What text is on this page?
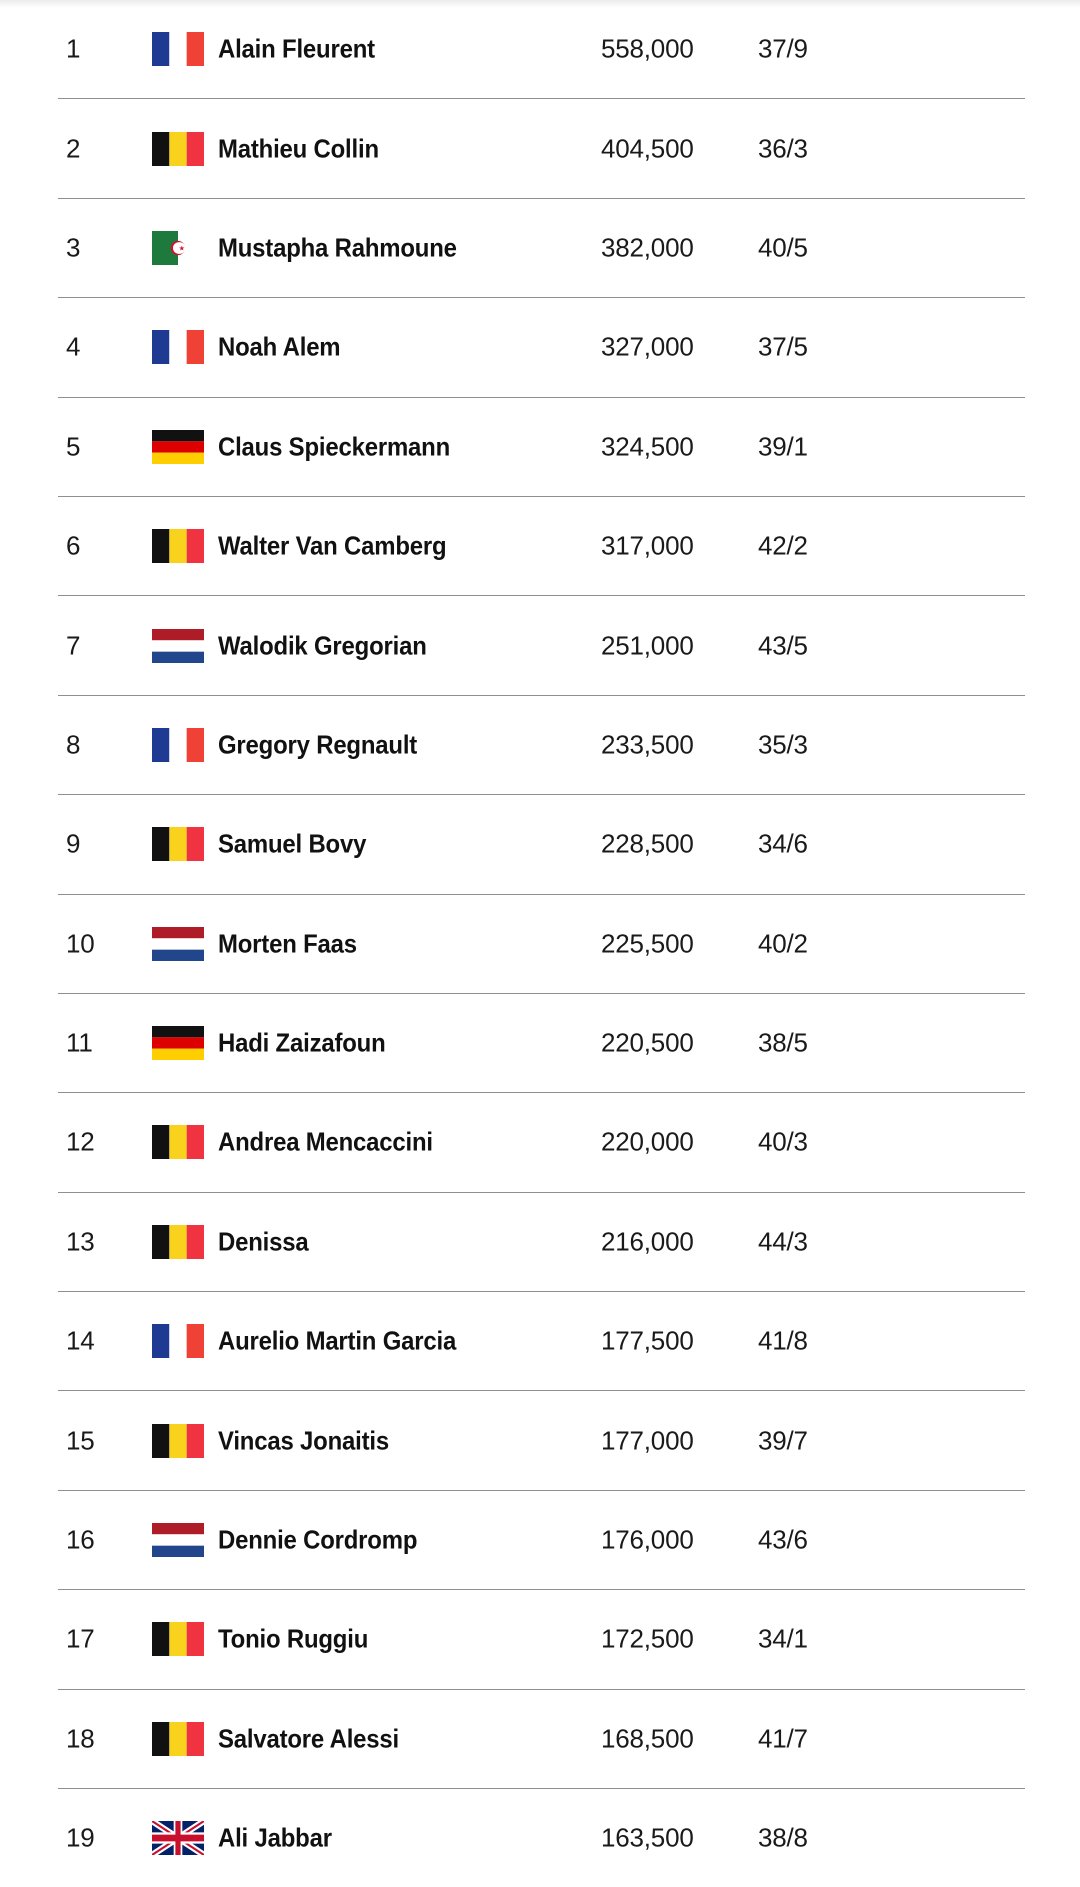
1	Alain Fleurent	558,000 37/9
2	Mathieu Collin	404,500 36/3
3	Mustapha Rahmoune	382,000 40/5
4	Noah Alem	327,000 37/5
5	Claus Spieckermann	324,500 39/1
6	Walter Van Camberg	317,000 42/2
7	Walodik Gregorian	251,000 43/5
8	Gregory Regnault	233,500 35/3
9	Samuel Bovy	228,500 34/6
10	Morten Faas	225,500 40/2
11	Hadi Zaizafoun	220,500 38/5
12	Andrea Mencaccini	220,000 40/3
13	Denissa	216,000 44/3
14	Aurelio Martin Garcia	177,500 41/8
15	Vincas Jonaitis	177,000 39/7
16	Dennie Cordromp	176,000 43/6
17	Tonio Ruggiu	172,500 34/1
18	Salvatore Alessi	168,500 41/7
19	Ali Jabbar	163,500 38/8
